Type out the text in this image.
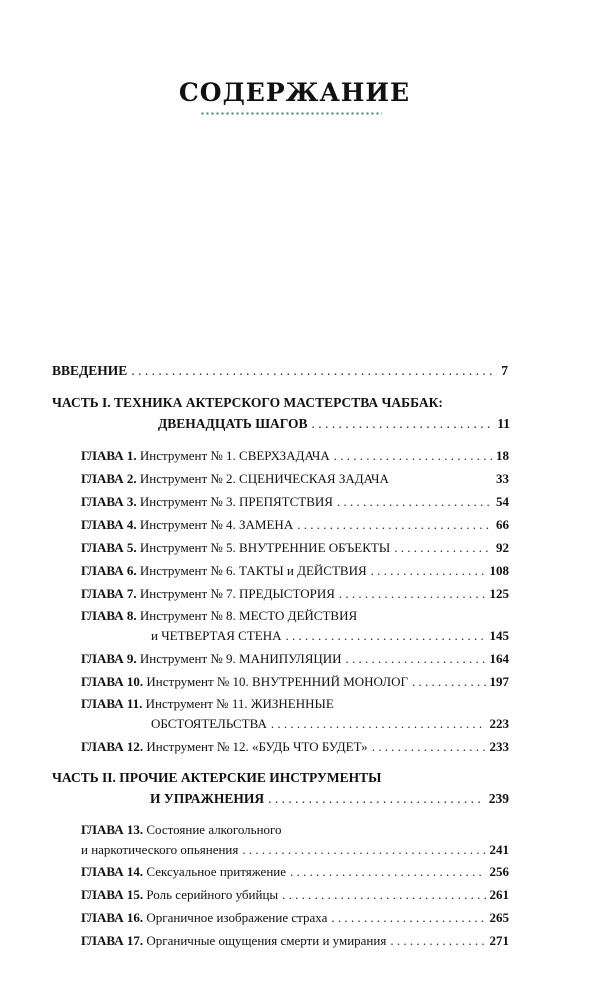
СОДЕРЖАНИЕ
ВВЕДЕНИЕ . . .	7
ЧАСТЬ I. ТЕХНИКА АКТЕРСКОГО МАСТЕРСТВА ЧАББАК:
ДВЕНАДЦАТЬ ШАГОВ . . .	11
ГЛАВА 1. Инструмент № 1. СВЕРХЗАДАЧА . . .	18
ГЛАВА 2. Инструмент № 2. СЦЕНИЧЕСКАЯ ЗАДАЧА	33
ГЛАВА 3. Инструмент № 3. ПРЕПЯТСТВИЯ . . .	54
ГЛАВА 4. Инструмент № 4. ЗАМЕНА . . .	66
ГЛАВА 5. Инструмент № 5. ВНУТРЕННИЕ ОБЪЕКТЫ . . .	92
ГЛАВА 6. Инструмент № 6. ТАКТЫ и ДЕЙСТВИЯ . . .	108
ГЛАВА 7. Инструмент № 7. ПРЕДЫСТОРИЯ . . .	125
ГЛАВА 8. Инструмент № 8. МЕСТО ДЕЙСТВИЯ
и ЧЕТВЕРТАЯ СТЕНА . . .	145
ГЛАВА 9. Инструмент № 9. МАНИПУЛЯЦИИ . . .	164
ГЛАВА 10. Инструмент № 10. ВНУТРЕННИЙ МОНОЛОГ . . .	197
ГЛАВА 11. Инструмент № 11. ЖИЗНЕННЫЕ
ОБСТОЯТЕЛЬСТВА . . .	223
ГЛАВА 12. Инструмент № 12. «БУДЬ ЧТО БУДЕТ» . . .	233
ЧАСТЬ II. ПРОЧИЕ АКТЕРСКИЕ ИНСТРУМЕНТЫ
И УПРАЖНЕНИЯ . . .	239
ГЛАВА 13. Состояние алкогольного
и наркотического опьянения . . .	241
ГЛАВА 14. Сексуальное притяжение . . .	256
ГЛАВА 15. Роль серийного убийцы . . .	261
ГЛАВА 16. Органичное изображение страха . . .	265
ГЛАВА 17. Органичные ощущения смерти и умирания . . .	271
